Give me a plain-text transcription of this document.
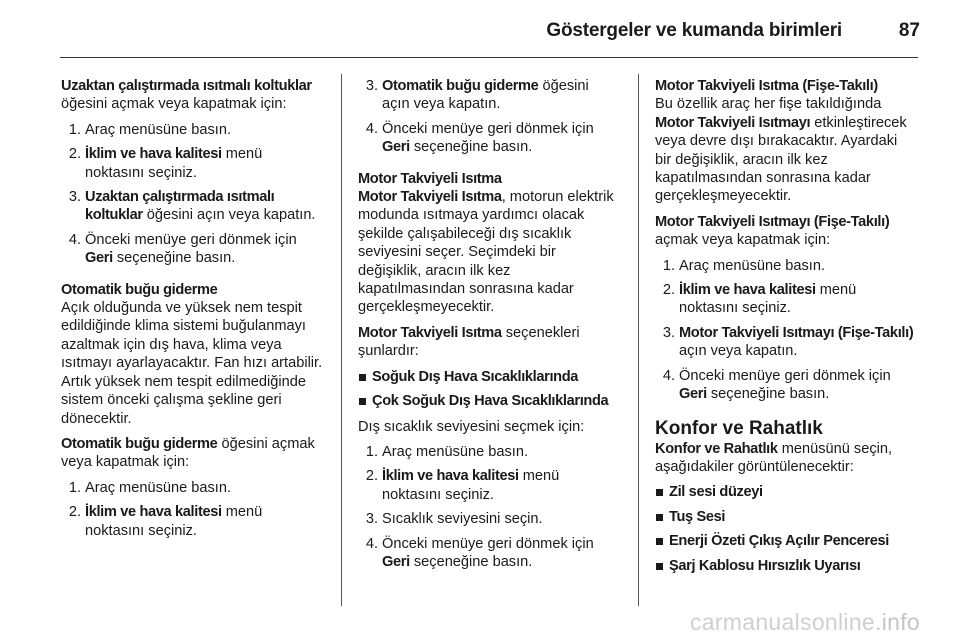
Göstergeler ve kumanda birimleri	87

Uzaktan çalıştırmada ısıtmalı koltuklar öğesini açmak veya kapatmak için:

1. Araç menüsüne basın.
2. İklim ve hava kalitesi menü noktasını seçiniz.
3. Uzaktan çalıştırmada ısıtmalı koltuklar öğesini açın veya kapatın.
4. Önceki menüye geri dönmek için Geri seçeneğine basın.

Otomatik buğu giderme

Açık olduğunda ve yüksek nem tespit edildiğinde klima sistemi buğulanmayı azaltmak için dış hava, klima veya ısıtmayı ayarlayacaktır. Fan hızı artabilir. Artık yüksek nem tespit edilmediğinde sistem önceki çalışma şekline geri dönecektir.

Otomatik buğu giderme öğesini açmak veya kapatmak için:

1. Araç menüsüne basın.
2. İklim ve hava kalitesi menü noktasını seçiniz.
3. Otomatik buğu giderme öğesini açın veya kapatın.
4. Önceki menüye geri dönmek için Geri seçeneğine basın.

Motor Takviyeli Isıtma

Motor Takviyeli Isıtma, motorun elektrik modunda ısıtmaya yardımcı olacak şekilde çalışabileceği dış sıcaklık seviyesini seçer. Seçimdeki bir değişiklik, aracın ilk kez kapatılmasından sonrasına kadar gerçekleşmeyecektir.

Motor Takviyeli Isıtma seçenekleri şunlardır:

Soğuk Dış Hava Sıcaklıklarında
Çok Soğuk Dış Hava Sıcaklıklarında

Dış sıcaklık seviyesini seçmek için:

1. Araç menüsüne basın.
2. İklim ve hava kalitesi menü noktasını seçiniz.
3. Sıcaklık seviyesini seçin.
4. Önceki menüye geri dönmek için Geri seçeneğine basın.

Motor Takviyeli Isıtma (Fişe-Takılı)

Bu özellik araç her fişe takıldığında Motor Takviyeli Isıtmayı etkinleştirecek veya devre dışı bırakacaktır. Ayardaki bir değişiklik, aracın ilk kez kapatılmasından sonrasına kadar gerçekleşmeyecektir.

Motor Takviyeli Isıtmayı (Fişe-Takılı) açmak veya kapatmak için:

1. Araç menüsüne basın.
2. İklim ve hava kalitesi menü noktasını seçiniz.
3. Motor Takviyeli Isıtmayı (Fişe-Takılı) açın veya kapatın.
4. Önceki menüye geri dönmek için Geri seçeneğine basın.

Konfor ve Rahatlık

Konfor ve Rahatlık menüsünü seçin, aşağıdakiler görüntülenecektir:

Zil sesi düzeyi
Tuş Sesi
Enerji Özeti Çıkış Açılır Penceresi
Şarj Kablosu Hırsızlık Uyarısı
carmanualsonline.info
